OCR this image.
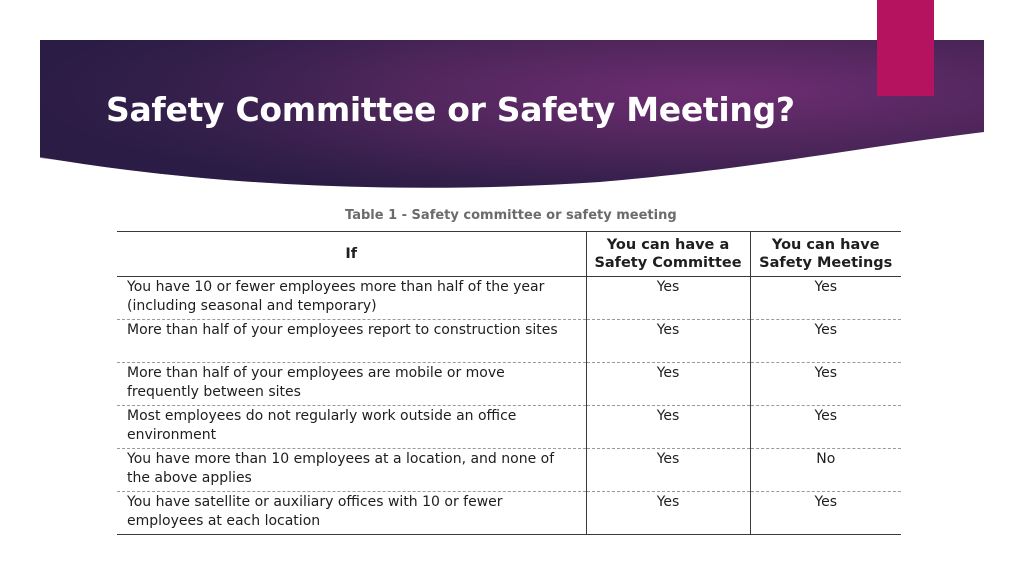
Safety Committee or Safety Meeting?
Table 1 - Safety committee or safety meeting
If	You can have a Safety Committee	You can have Safety Meetings
You have 10 or fewer employees more than half of the year (including seasonal and temporary)	Yes	Yes
More than half of your employees report to construction sites	Yes	Yes
More than half of your employees are mobile or move frequently between sites	Yes	Yes
Most employees do not regularly work outside an office environment	Yes	Yes
You have more than 10 employees at a location, and none of the above applies	Yes	No
You have satellite or auxiliary offices with 10 or fewer employees at each location	Yes	Yes
